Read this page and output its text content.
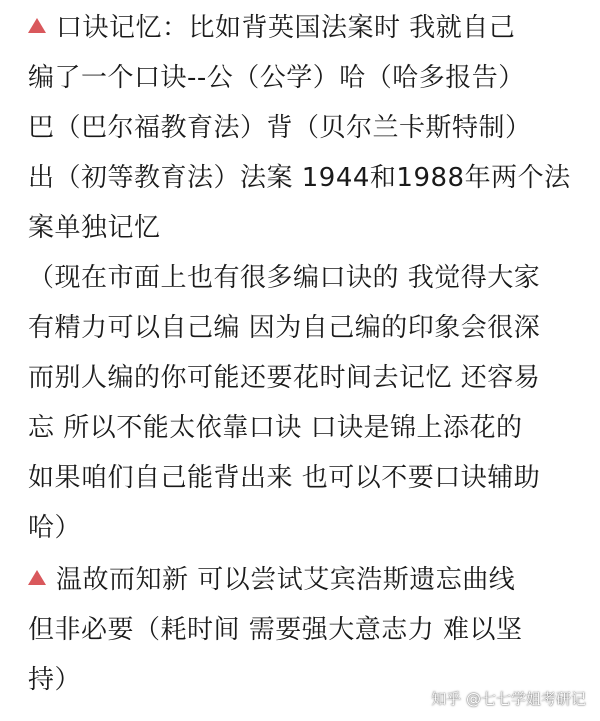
口诀记忆：比如背英国法案时 我就自己
编了一个口诀--公（公学）哈（哈多报告）
巴（巴尔福教育法）背（贝尔兰卡斯特制）
出（初等教育法）法案 1944和1988年两个法
案单独记忆
（现在市面上也有很多编口诀的 我觉得大家
有精力可以自己编 因为自己编的印象会很深
而别人编的你可能还要花时间去记忆 还容易
忘 所以不能太依靠口诀 口诀是锦上添花的
如果咱们自己能背出来 也可以不要口诀辅助
哈）
温故而知新 可以尝试艾宾浩斯遗忘曲线
但非必要（耗时间 需要强大意志力 难以坚
持）
知乎 @七七学姐考研记
